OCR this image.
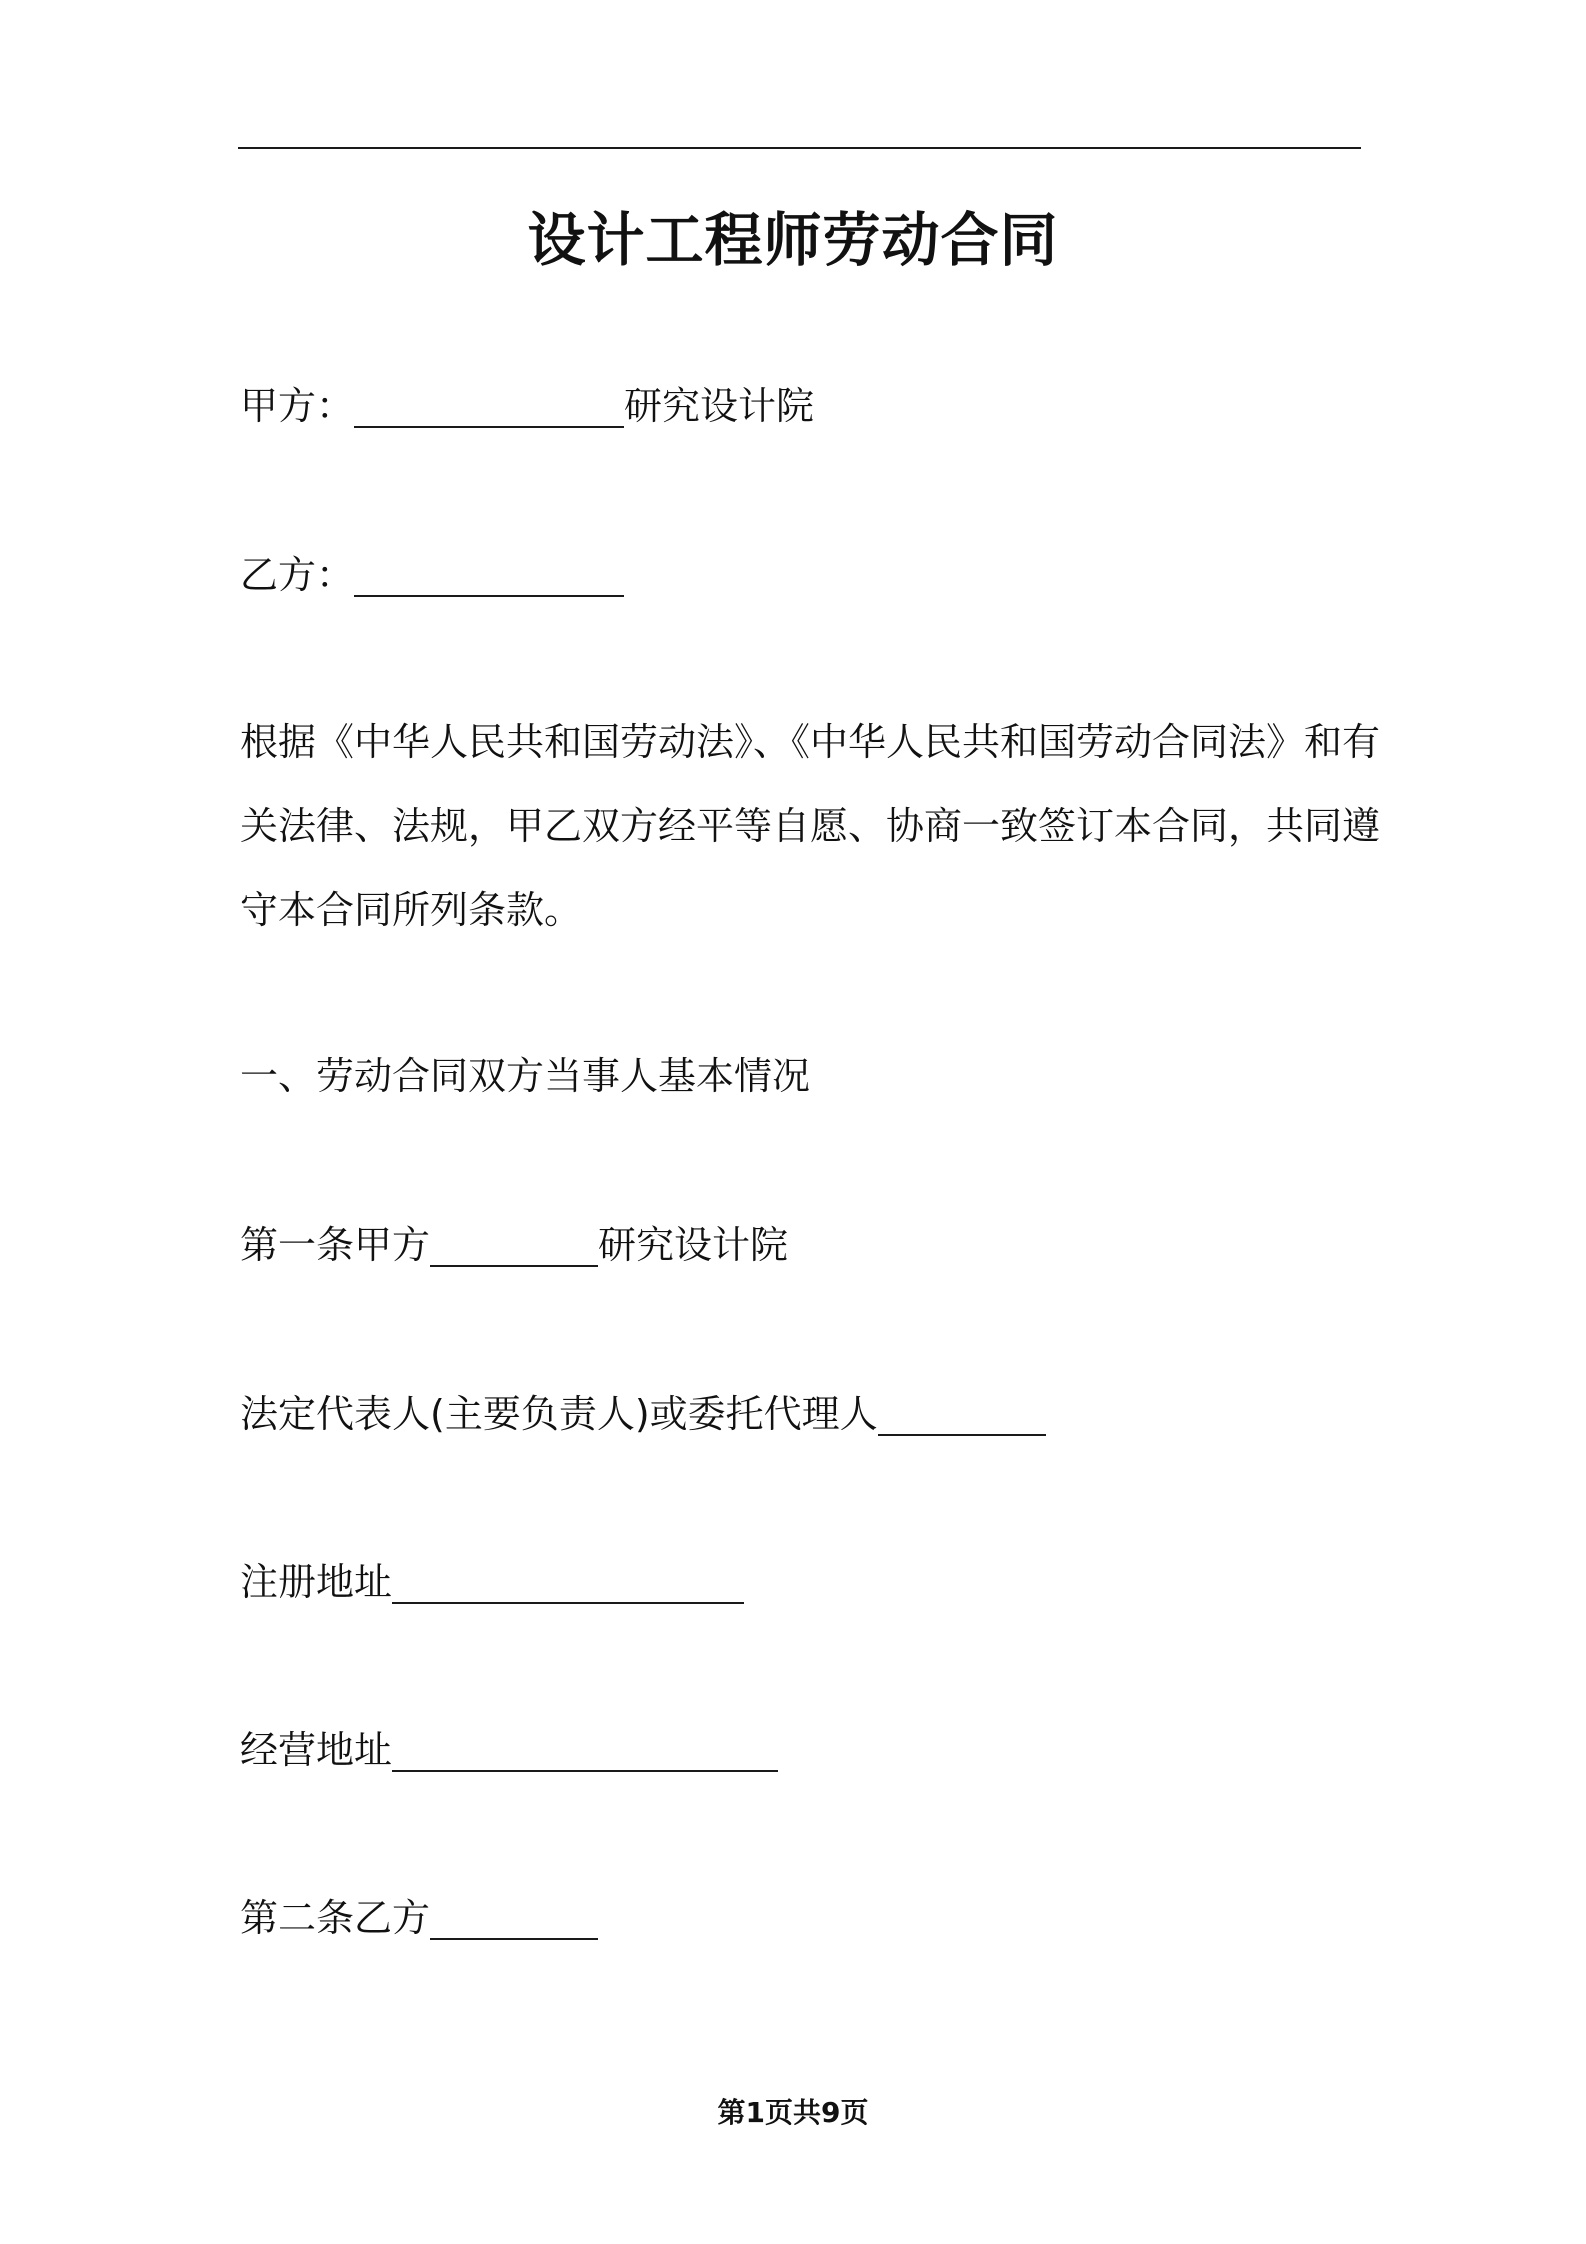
设计工程师劳动合同
甲方：	研究设计院
乙方：

根据《中华人民共和国劳动法》、《中华人民共和国劳动合同法》和有

关法律、法规，甲乙双方经平等自愿、协商一致签订本合同，共同遵

守本合同所列条款。

一、劳动合同双方当事人基本情况
第一条甲方	研究设计院
法定代表人(主要负责人)或委托代理人
注册地址
经营地址
第二条乙方
第1页共9页
